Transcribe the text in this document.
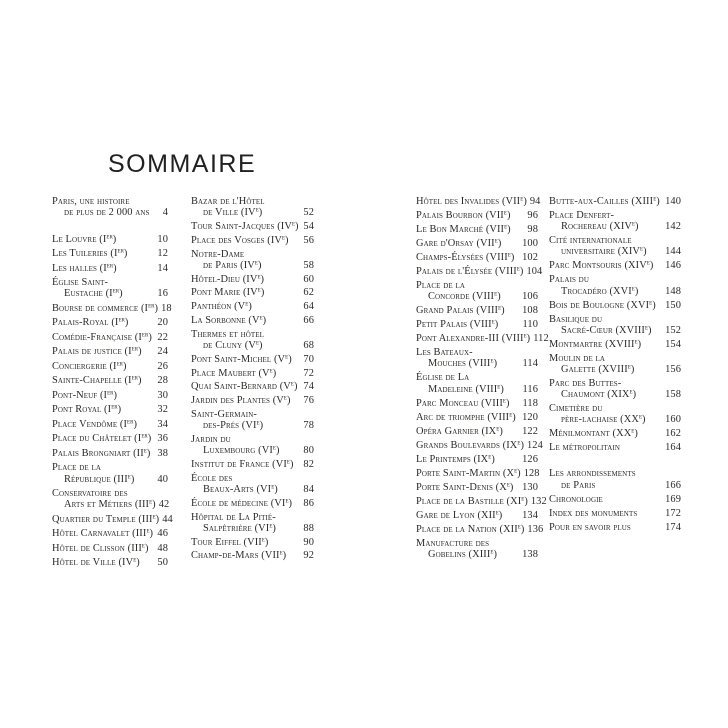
SOMMAIRE
Paris, une histoire
de plus de 2 000 ans	4
Le Louvre (Ier)	10
Les Tuileries (Ier)	12
Les halles (Ier)	14
Église Saint-
Eustache (Ier)	16
Bourse de commerce (Ier) 18
Palais-Royal (Ier)	20
Comédie-Française (Ier) 22
Palais de justice (Ier)	24
Conciergerie (Ier)	26
Sainte-Chapelle (Ier)	28
Pont-Neuf (Ier)	30
Pont Royal (Ier)	32
Place Vendôme (Ier)	34
Place du Châtelet (Ier) 36
Palais Brongniart (IIe) 38
Place de la
République (IIIe)	40
Conservatoire des
Arts et Métiers (IIIe) 42
Quartier du Temple (IIIe) 44
Hôtel Carnavalet (IIIe) 46
Hôtel de Clisson (IIIe) 48
Hôtel de Ville (IVe)	50
Bazar de l'Hôtel
de Ville (IVe)	52
Tour Saint-Jacques (IVe) 54
Place des Vosges (IVe)	56
Notre-Dame
de Paris (IVe)	58
Hôtel-Dieu (IVe)	60
Pont Marie (IVe)	62
Panthéon (Ve)	64
La Sorbonne (Ve)	66
Thermes et hôtel
de Cluny (Ve)	68
Pont Saint-Michel (Ve)	70
Place Maubert (Ve)	72
Quai Saint-Bernard (Ve) 74
Jardin des Plantes (Ve)	76
Saint-Germain-
des-Prés (VIe)	78
Jardin du
Luxembourg (VIe)	80
Institut de France (VIe) 82
École des
Beaux-Arts (VIe)	84
École de médecine (VIe)	86
Hôpital de La Pitié-
Salpêtrière (VIe)	88
Tour Eiffel (VIIe)	90
Champ-de-Mars (VIIe)	92
Hôtel des Invalides (VIIe) 94
Palais Bourbon (VIIe)	96
Le Bon Marché (VIIe)	98
Gare d'Orsay (VIIe)	100
Champs-Élysées (VIIIe) 102
Palais de l'Élysée (VIIIe) 104
Place de la
Concorde (VIIIe)	106
Grand Palais (VIIIe)	108
Petit Palais (VIIIe)	110
Pont Alexandre-III (VIIIe) 112
Les Bateaux-
Mouches (VIIIe)	114
Église de La
Madeleine (VIIIe)	116
Parc Monceau (VIIIe)	118
Arc de triomphe (VIIIe) 120
Opéra Garnier (IXe)	122
Grands Boulevards (IXe) 124
Le Printemps (IXe)	126
Porte Saint-Martin (Xe) 128
Porte Saint-Denis (Xe) 130
Place de la Bastille (XIe) 132
Gare de Lyon (XIIe)	134
Place de la Nation (XIIe) 136
Manufacture des
Gobelins (XIIIe)	138
Butte-aux-Cailles (XIIIe) 140
Place Denfert-
Rochereau (XIVe)	142
Cité internationale
universitaire (XIVe)	144
Parc Montsouris (XIVe)	146
Palais du
Trocadéro (XVIe)	148
Bois de Boulogne (XVIe) 150
Basilique du
Sacré-Cœur (XVIIIe)	152
Montmartre (XVIIIe)	154
Moulin de la
Galette (XVIIIe)	156
Parc des Buttes-
Chaumont (XIXe)	158
Cimetière du
père-lachaise (XXe)	160
Ménilmontant (XXe)	162
Le métropolitain	164
Les arrondissements
de Paris	166
Chronologie	169
Index des monuments	172
Pour en savoir plus	174
